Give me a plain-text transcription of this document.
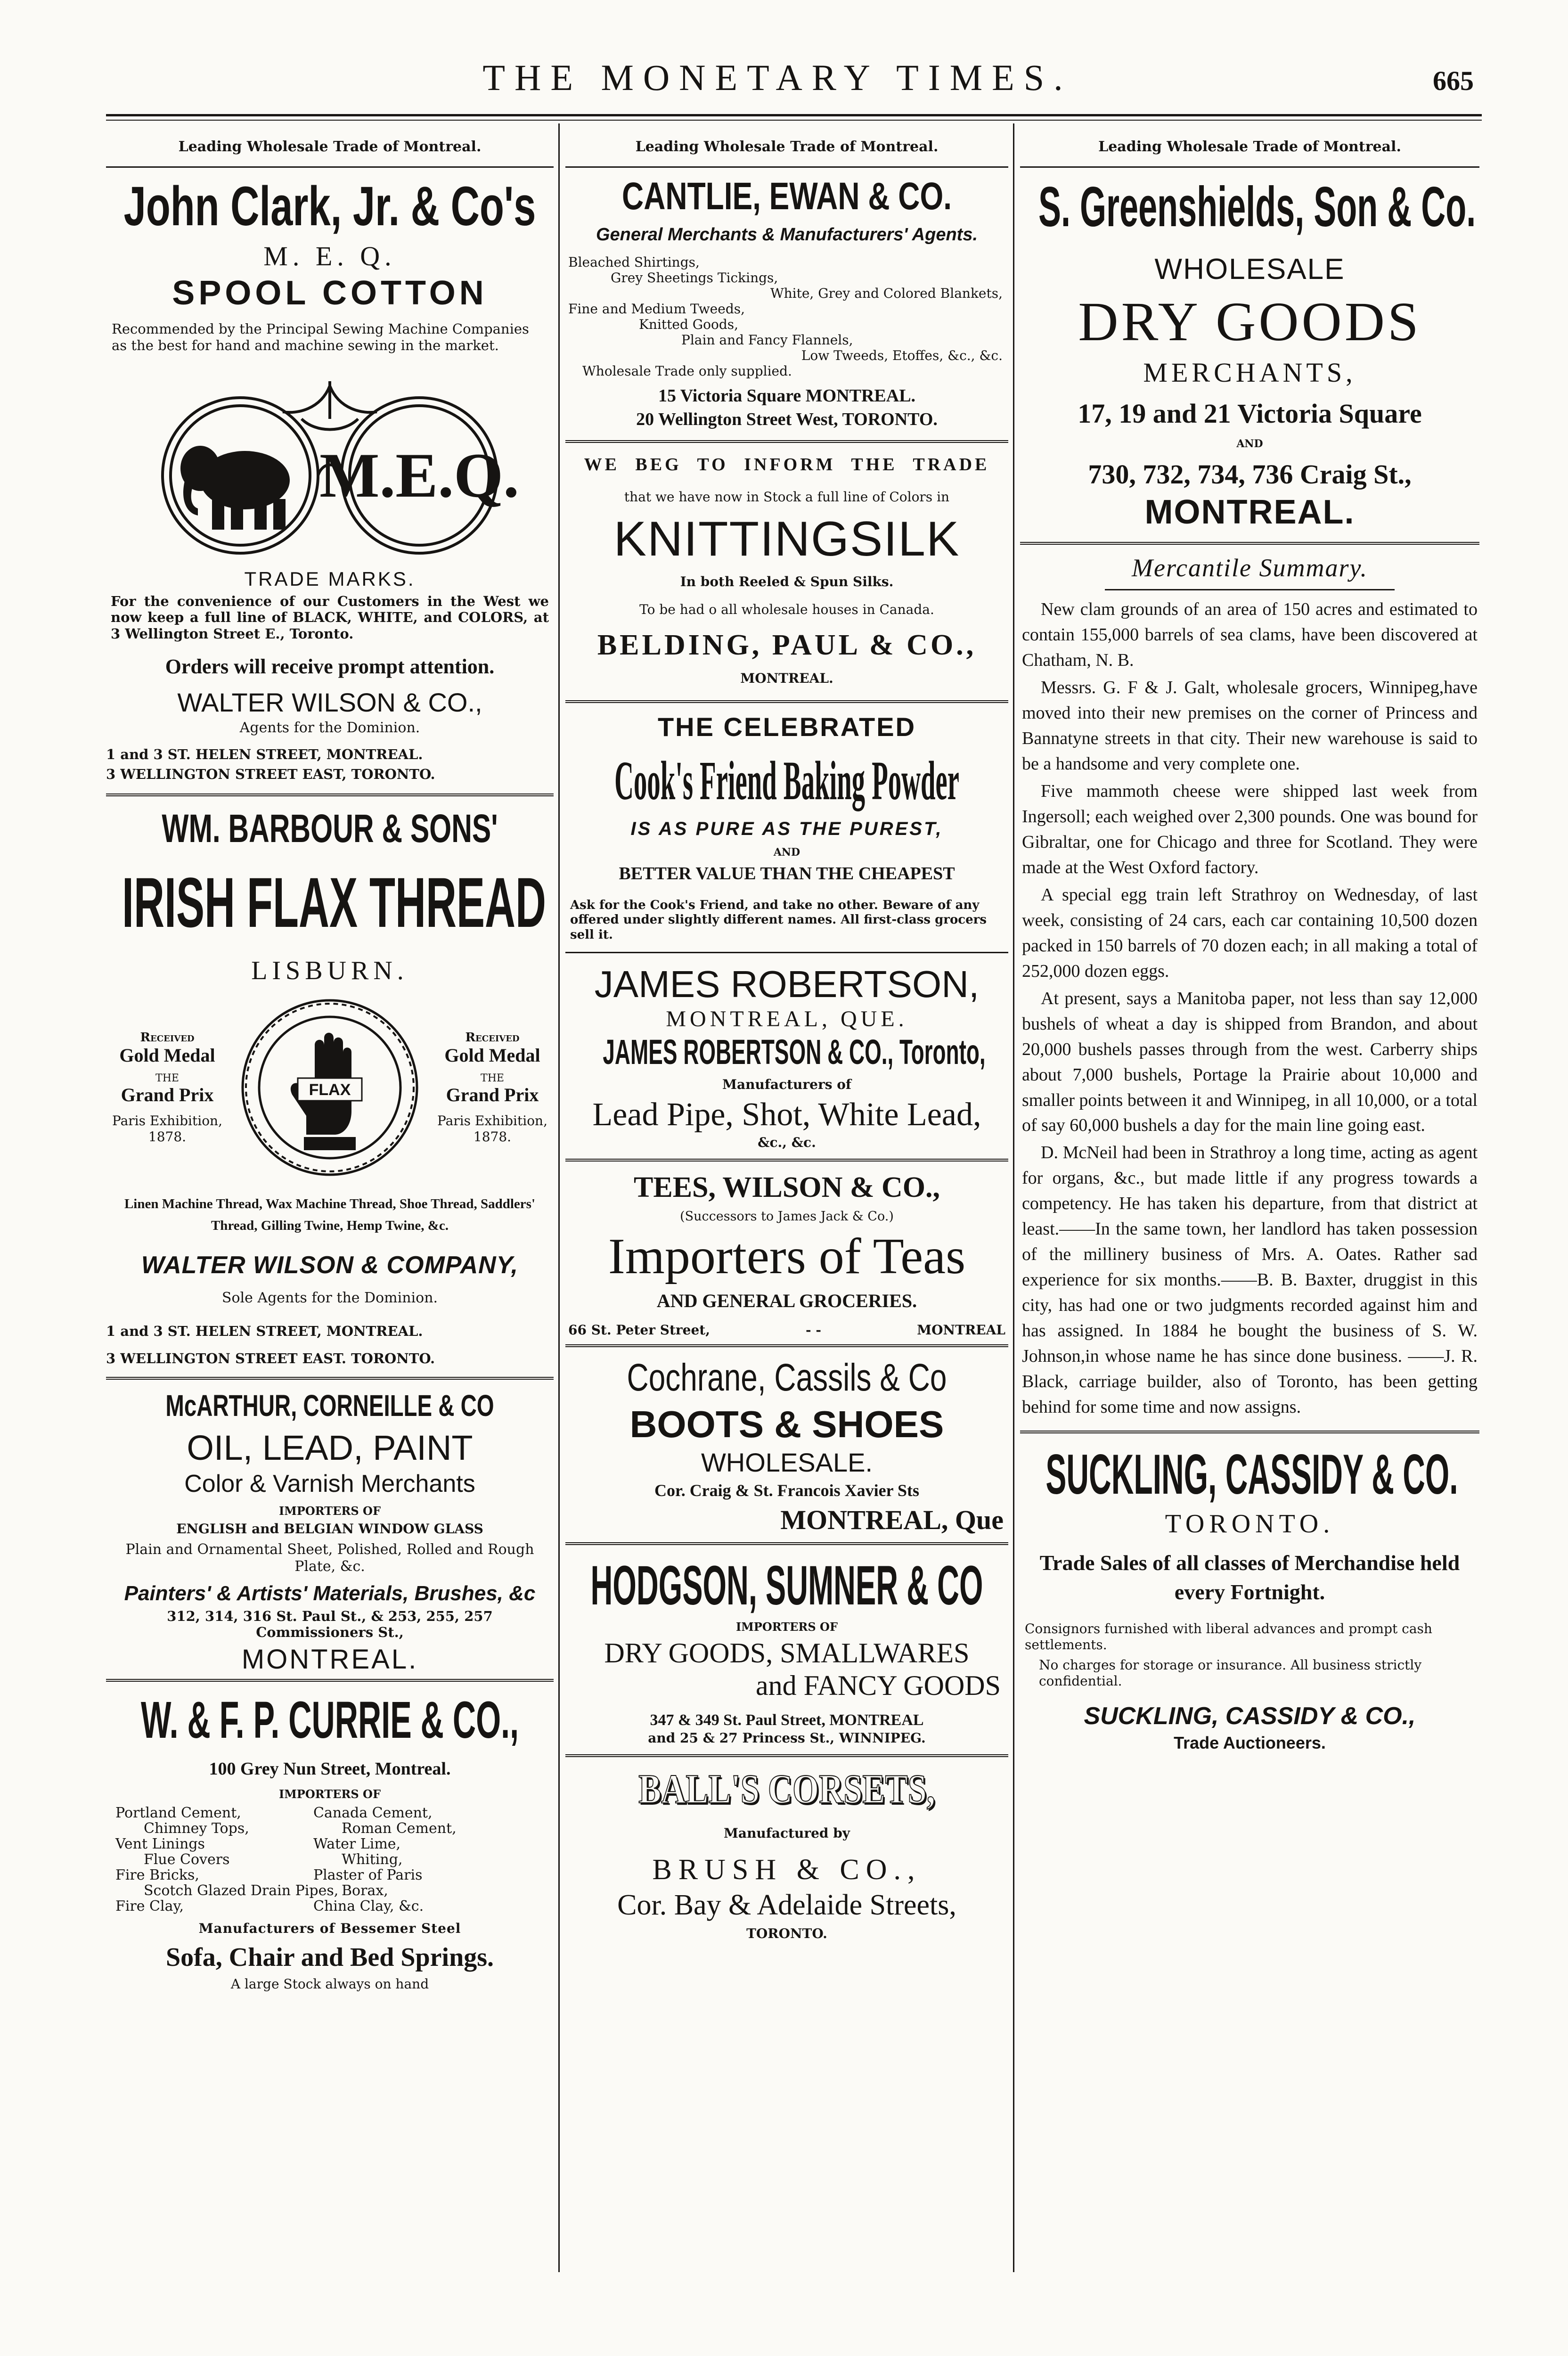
THE MONETARY TIMES.	665
Leading Wholesale Trade of Montreal.
John Clark, Jr. & Co's
M. E. Q.
SPOOL COTTON
Recommended by the Principal Sewing Machine Companies as the best for hand and machine sewing in the market.
M.E.Q.
TRADE MARKS.
For the convenience of our Customers in the West we now keep a full line of BLACK, WHITE, and COLORS, at 3 Wellington Street E., Toronto.
Orders will receive prompt attention.
WALTER WILSON & CO.,
Agents for the Dominion.
1 and 3 ST. HELEN STREET, MONTREAL.
3 WELLINGTON STREET EAST, TORONTO.
WM. BARBOUR & SONS'
IRISH FLAX THREAD
LISBURN.
Received
Gold Medal
THE
Grand Prix
Paris Exhibition, 1878.
FLAX
Received
Gold Medal
THE
Grand Prix
Paris Exhibition, 1878.
Linen Machine Thread, Wax Machine Thread, Shoe Thread, Saddlers' Thread, Gilling Twine, Hemp Twine, &c.
WALTER WILSON & COMPANY,
Sole Agents for the Dominion.
1 and 3 ST. HELEN STREET, MONTREAL.
3 WELLINGTON STREET EAST. TORONTO.
McARTHUR, CORNEILLE & CO
OIL, LEAD, PAINT
Color & Varnish Merchants
IMPORTERS OF
ENGLISH and BELGIAN WINDOW GLASS
Plain and Ornamental Sheet, Polished, Rolled and Rough Plate, &c.
Painters' & Artists' Materials, Brushes, &c
312, 314, 316 St. Paul St., & 253, 255, 257 Commissioners St.,
MONTREAL.
W. & F. P. CURRIE & CO.,
100 Grey Nun Street, Montreal.
IMPORTERS OF
Portland Cement,	Canada Cement,
Chimney Tops,	Roman Cement,
Vent Linings	Water Lime,
Flue Covers	Whiting,
Fire Bricks,	Plaster of Paris
Scotch Glazed Drain Pipes, Borax,
Fire Clay,	China Clay, &c.
Manufacturers of Bessemer Steel
Sofa, Chair and Bed Springs.
A large Stock always on hand
Leading Wholesale Trade of Montreal.
CANTLIE, EWAN & CO.
General Merchants & Manufacturers' Agents.
Bleached Shirtings,
Grey Sheetings Tickings,
White, Grey and Colored Blankets,
Fine and Medium Tweeds,
Knitted Goods,
Plain and Fancy Flannels,
Low Tweeds, Etoffes, &c., &c.
Wholesale Trade only supplied.
15 Victoria Square MONTREAL.
20 Wellington Street West, TORONTO.
WE BEG TO INFORM THE TRADE
that we have now in Stock a full line of Colors in
KNITTINGSILK
In both Reeled & Spun Silks.
To be had o all wholesale houses in Canada.
BELDING, PAUL & CO.,
MONTREAL.
THE CELEBRATED
Cook's Friend Baking Powder
IS AS PURE AS THE PUREST,
AND
BETTER VALUE THAN THE CHEAPEST
Ask for the Cook's Friend, and take no other. Beware of any offered under slightly different names. All first-class grocers sell it.
JAMES ROBERTSON,
MONTREAL, QUE.
JAMES ROBERTSON & CO., Toronto,
Manufacturers of
Lead Pipe, Shot, White Lead,
&c., &c.
TEES, WILSON & CO.,
(Successors to James Jack & Co.)
Importers of Teas
AND GENERAL GROCERIES.
66 St. Peter Street,	- -	MONTREAL
Cochrane, Cassils & Co
BOOTS & SHOES
WHOLESALE.
Cor. Craig & St. Francois Xavier Sts
MONTREAL, Que
HODGSON, SUMNER & CO
IMPORTERS OF
DRY GOODS, SMALLWARES
and FANCY GOODS
347 & 349 St. Paul Street, MONTREAL
and 25 & 27 Princess St., WINNIPEG.
BALL'S CORSETS,
Manufactured by
BRUSH & CO.,
Cor. Bay & Adelaide Streets,
TORONTO.
Leading Wholesale Trade of Montreal.
S. Greenshields, Son & Co.
WHOLESALE
DRY GOODS
MERCHANTS,
17, 19 and 21 Victoria Square
AND
730, 732, 734, 736 Craig St.,
MONTREAL.
Mercantile Summary.

New clam grounds of an area of 150 acres and estimated to contain 155,000 barrels of sea clams, have been discovered at Chatham, N. B.

Messrs. G. F & J. Galt, wholesale grocers, Winnipeg,have moved into their new premises on the corner of Princess and Bannatyne streets in that city. Their new warehouse is said to be a handsome and very complete one.

Five mammoth cheese were shipped last week from Ingersoll; each weighed over 2,300 pounds. One was bound for Gibraltar, one for Chicago and three for Scotland. They were made at the West Oxford factory.

A special egg train left Strathroy on Wednesday, of last week, consisting of 24 cars, each car containing 10,500 dozen packed in 150 barrels of 70 dozen each; in all making a total of 252,000 dozen eggs.

At present, says a Manitoba paper, not less than say 12,000 bushels of wheat a day is shipped from Brandon, and about 20,000 bushels passes through from the west. Carberry ships about 7,000 bushels, Portage la Prairie about 10,000 and smaller points between it and Winnipeg, in all 10,000, or a total of say 60,000 bushels a day for the main line going east.

D. McNeil had been in Strathroy a long time, acting as agent for organs, &c., but made little if any progress towards a competency. He has taken his departure, from that district at least.——In the same town, her landlord has taken possession of the millinery business of Mrs. A. Oates. Rather sad experience for six months.——B. B. Baxter, druggist in this city, has had one or two judgments recorded against him and has assigned. In 1884 he bought the business of S. W. Johnson,in whose name he has since done business. ——J. R. Black, carriage builder, also of Toronto, has been getting behind for some time and now assigns.

SUCKLING, CASSIDY & CO.
TORONTO.
Trade Sales of all classes of Merchandise held every Fortnight.
Consignors furnished with liberal advances and prompt cash settlements.
No charges for storage or insurance. All business strictly confidential.
SUCKLING, CASSIDY & CO.,
Trade Auctioneers.
